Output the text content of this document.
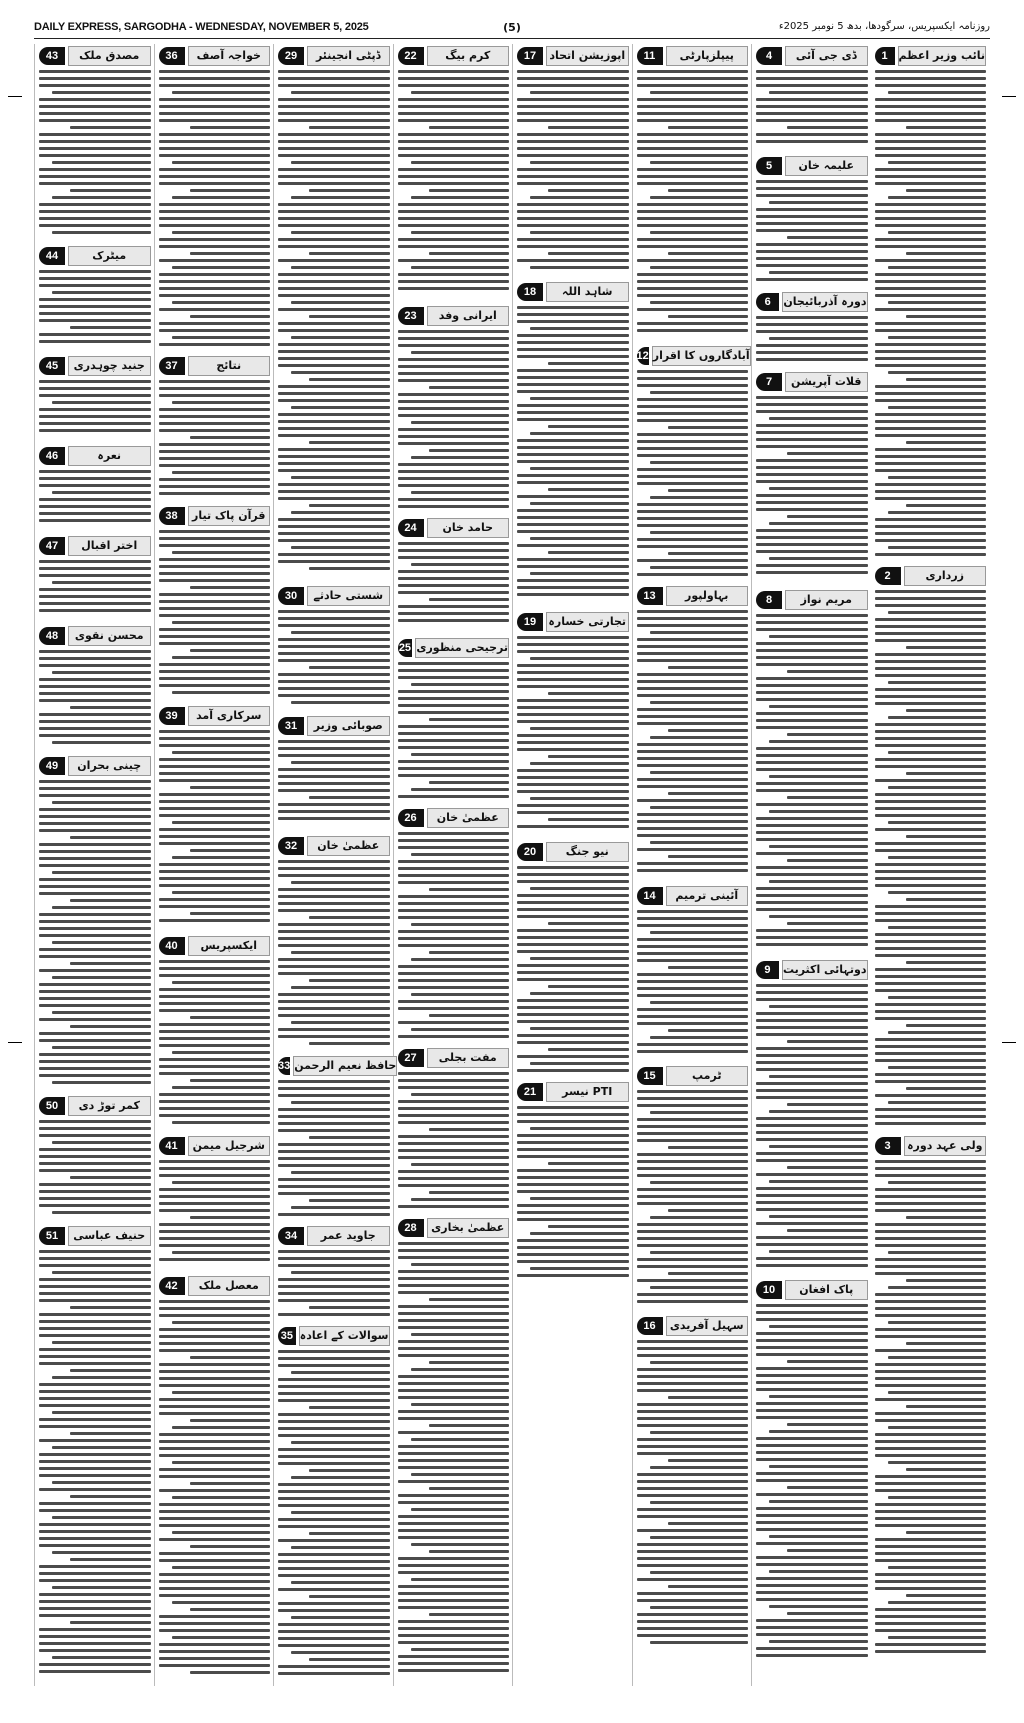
DAILY EXPRESS, SARGODHA - WEDNESDAY, NOVEMBER 5, 2025	(5)	روزنامہ ایکسپریس، سرگودھا، بدھ 5 نومبر 2025ء
1 نائب وزیر اعظم
2	زرداری
3	ولی عہد دورہ
4	ڈی جی آئی
5	علیمہ خان
6	دورہ آذربائیجان
7	قلات آپریشن
8	مریم نواز
9	دوتہائی اکثریت
10	پاک افغان
11	پیپلزپارٹی
12 آبادگاروں کا اقرار
13	بہاولپور
14	آئینی ترمیم
15	ٹرمپ
16	سہیل آفریدی
17	اپوزیشن اتحاد
18	شاہد اللہ
19	تجارتی خسارہ
20	نیو جنگ
21	PTI نیسر
22	کرم بیگ
23	ایرانی وفد
24	حامد خان
25 ترجیحی منظوری
26	عظمیٰ خان
27	مفت بجلی
28	عظمیٰ بخاری
29	ڈپٹی انجینئر
30	شستی حادثے
31	صوبائی وزیر
32	عظمیٰ خان
33 حافظ نعیم الرحمن
34	جاوید عمر
35 سوالات کے اعادہ
36	خواجہ آصف
37	نتائج
38	قرآن پاک تیار
39	سرکاری آمد
40	ایکسپریس
41	شرجیل میمن
42	معصل ملک
43	مصدق ملک
44	میٹرک
45	جنید چوہدری
46	نعرہ
47	اختر اقبال
48	محسن نقوی
49	چینی بحران
50	کمر توڑ دی
51	حنیف عباسی
